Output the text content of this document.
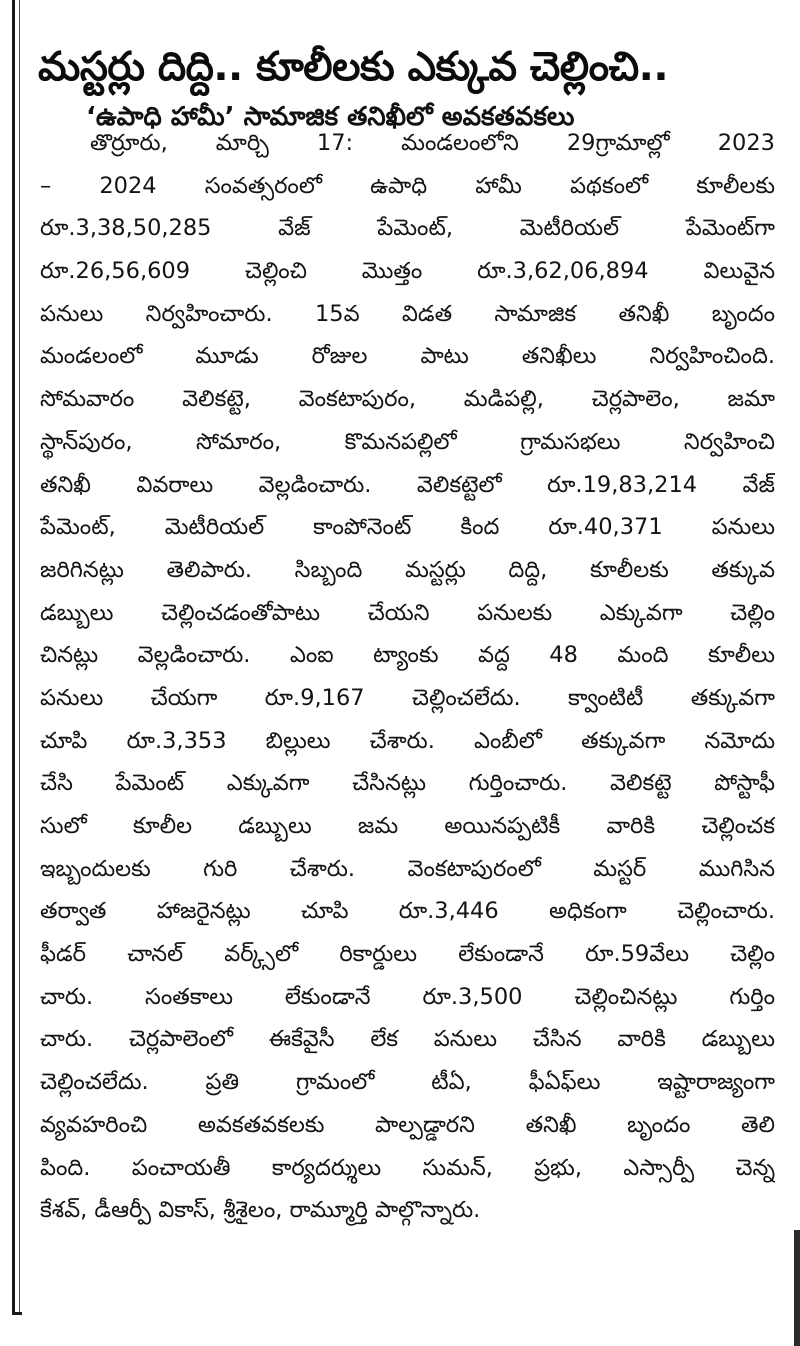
మస్టర్లు దిద్ది.. కూలీలకు ఎక్కువ చెల్లించి..
‘ఉపాధి హామీ’ సామాజిక తనిఖీలో అవకతవకలు
తొర్రూరు, మార్చి 17: మండలంలోని 29గ్రామాల్లో 2023
– 2024 సంవత్సరంలో ఉపాధి హామీ పథకంలో కూలీలకు
రూ.3,38,50,285 వేజ్ పేమెంట్, మెటీరియల్ పేమెంట్‌గా
రూ.26,56,609 చెల్లించి మొత్తం రూ.3,62,06,894 విలువైన
పనులు నిర్వహించారు. 15వ విడత సామాజిక తనిఖీ బృందం
మండలంలో మూడు రోజుల పాటు తనిఖీలు నిర్వహించింది.
సోమవారం వెలికట్టె, వెంకటాపురం, మడిపల్లి, చెర్లపాలెం, జమా
స్థాన్‌పురం, సోమారం, కొమనపల్లిలో గ్రామసభలు నిర్వహించి
తనిఖీ వివరాలు వెల్లడించారు. వెలికట్టెలో రూ.19,83,214 వేజ్
పేమెంట్, మెటీరియల్ కాంపోనెంట్ కింద రూ.40,371 పనులు
జరిగినట్లు తెలిపారు. సిబ్బంది మస్టర్లు దిద్ది, కూలీలకు తక్కువ
డబ్బులు చెల్లించడంతోపాటు చేయని పనులకు ఎక్కువగా చెల్లిం
చినట్లు వెల్లడించారు. ఎంఐ ట్యాంకు వద్ద 48 మంది కూలీలు
పనులు చేయగా రూ.9,167 చెల్లించలేదు. క్వాంటిటీ తక్కువగా
చూపి రూ.3,353 బిల్లులు చేశారు. ఎంబీలో తక్కువగా నమోదు
చేసి పేమెంట్ ఎక్కువగా చేసినట్లు గుర్తించారు. వెలికట్టె పోస్టాఫీ
సులో కూలీల డబ్బులు జమ అయినప్పటికీ వారికి చెల్లించక
ఇబ్బందులకు గురి చేశారు. వెంకటాపురంలో మస్టర్ ముగిసిన
తర్వాత హాజరైనట్లు చూపి రూ.3,446 అధికంగా చెల్లించారు.
ఫీడర్ చానల్ వర్క్స్‌లో రికార్డులు లేకుండానే రూ.59వేలు చెల్లిం
చారు. సంతకాలు లేకుండానే రూ.3,500 చెల్లించినట్లు గుర్తిం
చారు. చెర్లపాలెంలో ఈకేవైసీ లేక పనులు చేసిన వారికి డబ్బులు
చెల్లించలేదు. ప్రతి గ్రామంలో టీఏ, ఫీఏఫ్‌లు ఇష్టారాజ్యంగా
వ్యవహరించి అవకతవకలకు పాల్పడ్డారని తనిఖీ బృందం తెలి
పింది. పంచాయతీ కార్యదర్శులు సుమన్, ప్రభు, ఎస్సార్పీ చెన్న
కేశవ్, డీఆర్పీ వికాస్, శ్రీశైలం, రామ్మూర్తి పాల్గొన్నారు.
